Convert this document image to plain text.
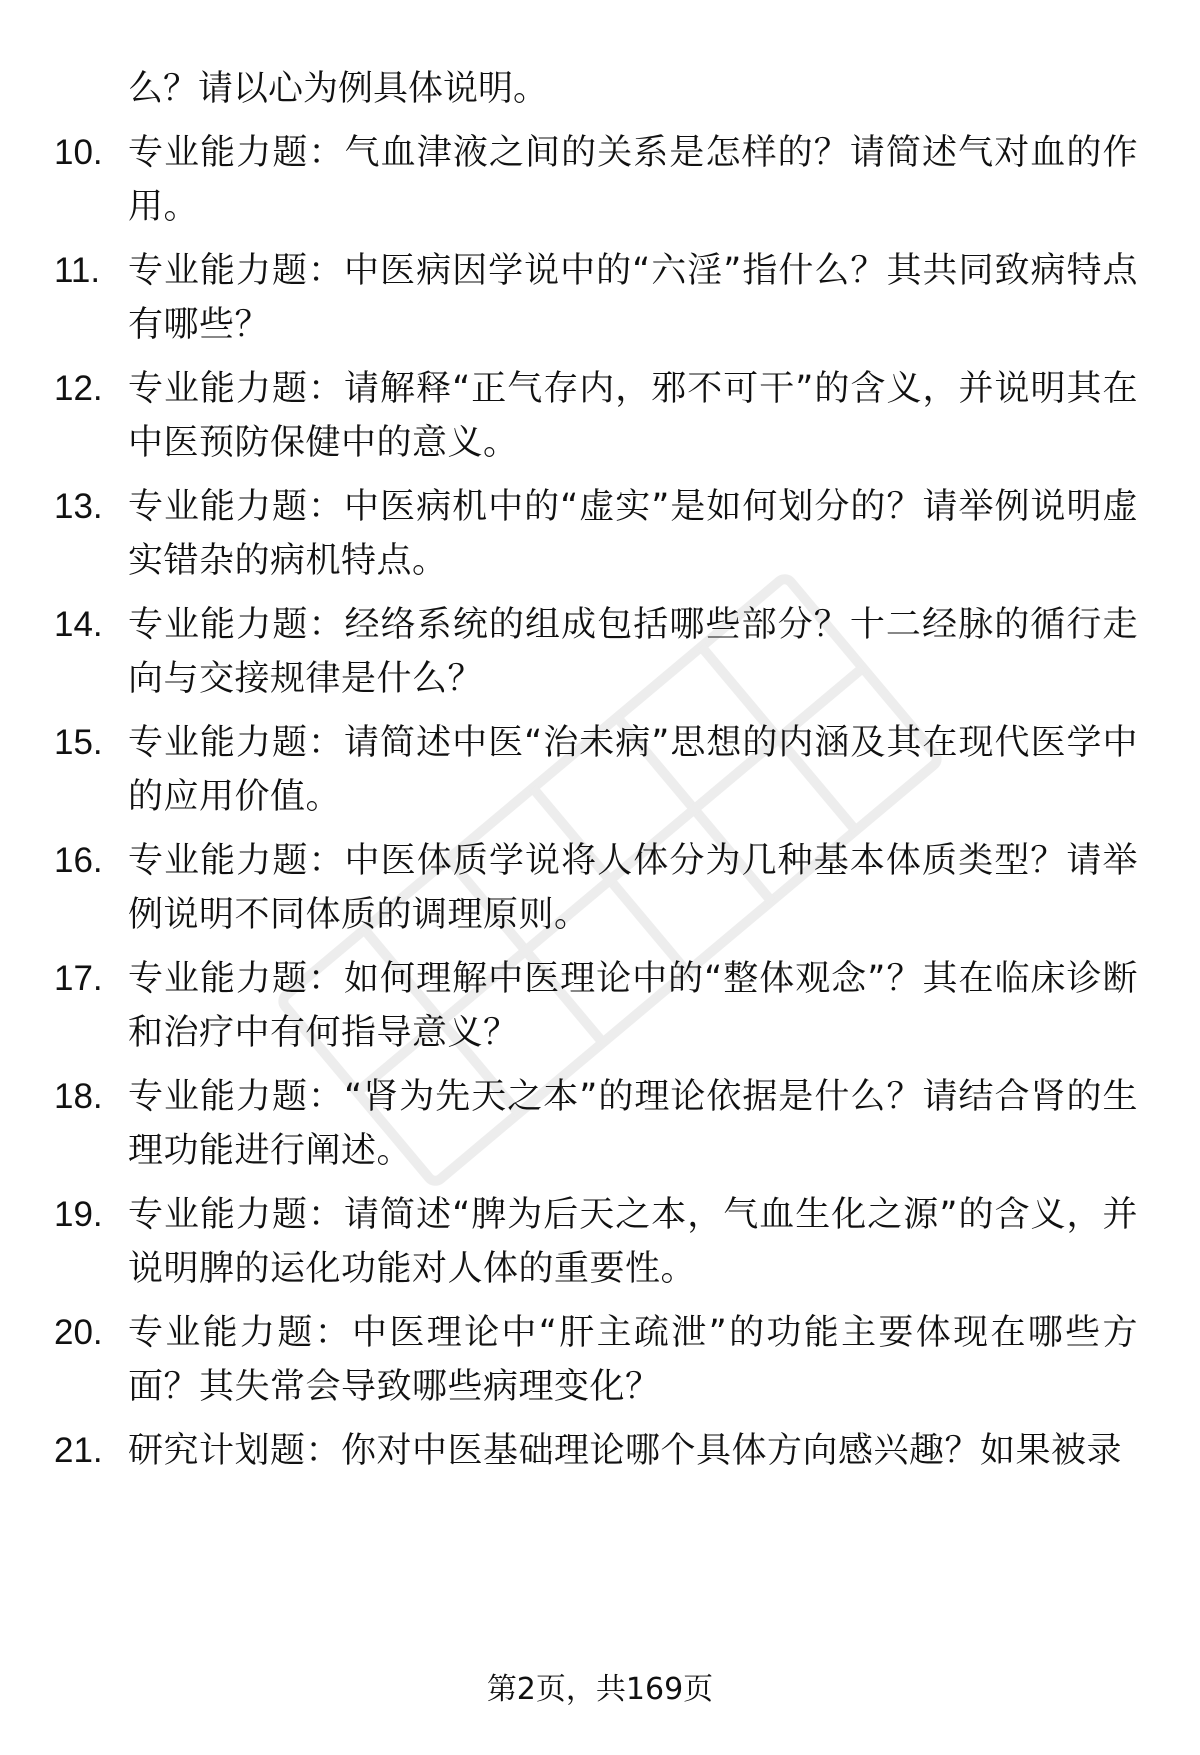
么？请以心为例具体说明。
10. 专业能力题：气血津液之间的关系是怎样的？请简述气对血的作用。
11. 专业能力题：中医病因学说中的“六淫”指什么？其共同致病特点有哪些？
12. 专业能力题：请解释“正气存内，邪不可干”的含义，并说明其在中医预防保健中的意义。
13. 专业能力题：中医病机中的“虚实”是如何划分的？请举例说明虚实错杂的病机特点。
14. 专业能力题：经络系统的组成包括哪些部分？十二经脉的循行走向与交接规律是什么？
15. 专业能力题：请简述中医“治未病”思想的内涵及其在现代医学中的应用价值。
16. 专业能力题：中医体质学说将人体分为几种基本体质类型？请举例说明不同体质的调理原则。
17. 专业能力题：如何理解中医理论中的“整体观念”？其在临床诊断和治疗中有何指导意义？
18. 专业能力题：“肾为先天之本”的理论依据是什么？请结合肾的生理功能进行阐述。
19. 专业能力题：请简述“脾为后天之本，气血生化之源”的含义，并说明脾的运化功能对人体的重要性。
20. 专业能力题：中医理论中“肝主疏泄”的功能主要体现在哪些方面？其失常会导致哪些病理变化？
21. 研究计划题：你对中医基础理论哪个具体方向感兴趣？如果被录
第2页，共169页
